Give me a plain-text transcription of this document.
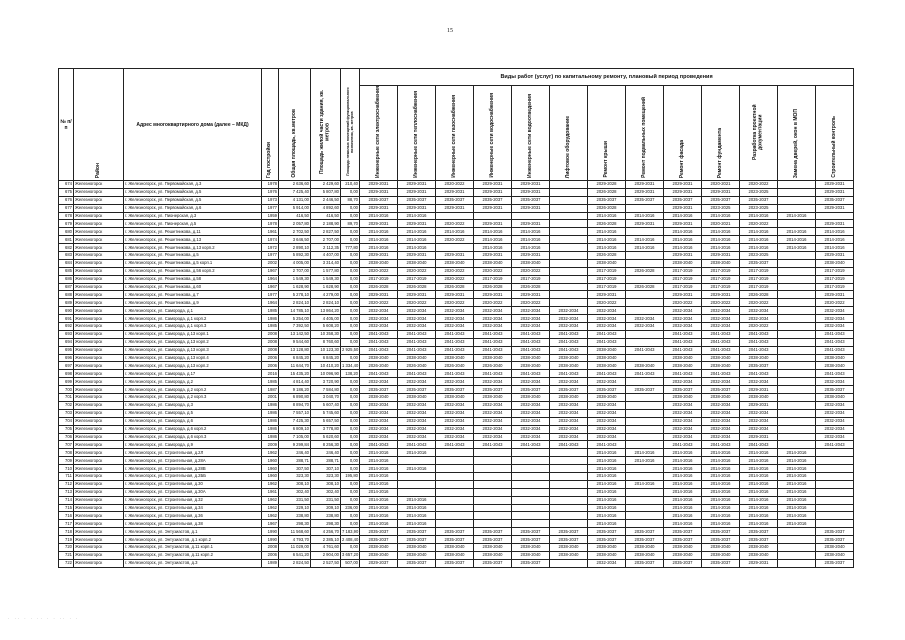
15
№ п/п	Район	Адрес многоквартирного дома (далее – МКД)	Год постройки	Общая площадь, кв.метров	Площадь жилой части здания, кв. метров	Площадь нежилых помещений функционального назначения, кв. метров	Виды работ (услуг) по капитальному ремонту, плановый период проведения												
							Инженерные сети электроснабжения	Инженерные сети теплоснабжения	Инженерные сети газоснабжения	Инженерные сети водоснабжения	Инженерные сети водоотведения	Лифтовое оборудование	Ремонт крыши	Ремонт подвальных помещений	Ремонт фасада	Ремонт фундамента	Разработка проектной документации	Замена дверей, окон в МОП	Строительный контроль
674	Железногорск	г. Железногорск, ул. Первомайская, д.3	1978	2 636,60	2 429,60	210,40	2029-2031	2029-2031	2020-2022	2029-2031	2029-2031		2029-2028	2029-2031	2029-2031	2020-2021	2020-2022		2029-2031
675	Железногорск	г. Железногорск, ул. Первомайская, д.5	1976	7 425,40	5 807,80	0,00	2029-2031	2029-2031	2029-2031	2029-2031	2029-2031		2026-2028	2029-2031	2029-2031	2029-2031	2023-2025		2029-2031
676	Железногорск	г. Железногорск, ул. Первомайская, д.5	1973	4 131,00	2 446,50	88,70	2035-2037	2035-2037	2035-2037	2035-2037	2035-2037		2035-2037	2035-2037	2035-2037	2035-2037	2035-2037		2035-2037
677	Железногорск	г. Железногорск, ул. Первомайская, д.6	1977	5 914,00	4 892,60	0,00	2029-2031	2029-2031	2029-2031	2029-2031	2029-2031		2026-2028		2029-2031	2023-2025	2023-2025		2029-2031
678	Железногорск	г. Железногорск, ул. Пионерская, д.3	1959	416,50	416,50	0,00	2014-2016	2014-2016					2014-2016	2014-2016	2014-2016	2014-2016	2014-2016	2014-2016	
679	Железногорск	г. Железногорск, ул. Пионерская, д.5	1978	2 057,80	2 188,90	89,70	2029-2031	2029-2031	2020-2022	2029-2031	2029-2031		2026-2028	2029-2031	2029-2031	2020-2021	2020-2022		2029-2031
680	Железногорск	г. Железногорск, ул. Решетникова, д.11	1961	2 702,50	2 827,50	0,00	2014-2016	2014-2016	2014-2016	2014-2016	2014-2016		2014-2016		2014-2016	2014-2016	2014-2016	2014-2016	2014-2016
681	Железногорск	г. Железногорск, ул. Решетникова, д.13	1974	3 646,50	2 707,00	0,00	2014-2016	2014-2016	2020-2022	2014-2016	2014-2016		2014-2016	2014-2016	2014-2016	2014-2016	2014-2016	2014-2016	2014-2016
682	Железногорск	г. Железногорск, ул. Решетникова, д.13 корп.2	1972	2 890,10	2 112,35	777,80	2014-2016	2014-2016		2014-2016	2014-2016		2014-2016	2014-2016	2014-2016	2014-2016	2014-2016	2014-2016	2014-2016
683	Железногорск	г. Железногорск, ул. Решетникова, д.5	1977	5 892,30	4 407,00	0,00	2029-2031	2029-2031	2029-2031	2029-2031	2029-2031		2026-2028		2029-2031	2029-2031	2023-2025		2029-2031
684	Железногорск	г. Железногорск, ул. Решетникова, д.5 корп.1	2002	4 005,00	3 314,40	0,00	2038-2040	2038-2040	2038-2040	2038-2040	2038-2040		2038-2040		2038-2040	2038-2040	2035-2037		2038-2040
685	Железногорск	г. Железногорск, ул. Решетникова, д.56 корп.2	1967	2 707,00	1 577,80	0,00	2020-2022	2020-2022	2020-2022	2020-2022	2020-2022		2017-2019	2026-2028	2017-2019	2017-2019	2017-2019		2017-2019
686	Железногорск	г. Железногорск, ул. Решетникова, д.58	1964	1 549,30	1 549,30	0,00	2017-2019	2017-2019	2020-2022	2017-2019	2017-2019		2017-2019		2017-2019	2017-2019	2017-2019		2017-2019
687	Железногорск	г. Железногорск, ул. Решетникова, д.60	1967	1 628,90	1 628,90	0,00	2026-2028	2026-2028	2026-2028	2026-2028	2026-2028		2017-2019	2026-2028	2017-2019	2017-2019	2017-2019		2017-2019
688	Железногорск	г. Железногорск, ул. Решетникова, д.7	1977	5 278,10	4 279,00	0,00	2029-2031	2029-2031	2029-2031	2029-2031	2029-2031		2029-2031		2029-2031	2029-2031	2026-2028		2029-2031
689	Железногорск	г. Железногорск, ул. Решетникова, д.9	1964	2 824,10	2 824,10	0,00	2020-2022	2020-2022	2020-2022	2020-2022	2020-2022		2020-2022		2020-2022	2020-2022	2020-2022		2020-2022
690	Железногорск	г. Железногорск, ул. Саморода, д.1	1985	14 785,10	13 864,20	0,00	2032-2034	2032-2034	2032-2034	2032-2034	2032-2034	2032-2034	2032-2034		2032-2034	2032-2034	2032-2034		2032-2034
691	Железногорск	г. Железногорск, ул. Саморода, д.1 корп.2	1986	5 254,00	4 405,00	0,00	2032-2034	2032-2034	2032-2034	2032-2034	2032-2034	2032-2034	2032-2034	2032-2034	2032-2034	2032-2034	2032-2034		2032-2034
692	Железногорск	г. Железногорск, ул. Саморода, д.1 корп.3	1985	7 392,50	5 608,20	0,00	2032-2034	2032-2034	2032-2034	2032-2034	2032-2034	2032-2034	2032-2034	2032-2034	2032-2034	2032-2034	2020-2022		2032-2034
693	Железногорск	г. Железногорск, ул. Саморода, д.13 корп.1	2008	13 142,50	10 358,30	0,00	2041-2043	2041-2043	2041-2043	2041-2043	2041-2043	2041-2043	2041-2043		2041-2043	2041-2043	2041-2043		2041-2043
694	Железногорск	г. Железногорск, ул. Саморода, д.13 корп.2	2008	9 544,60	8 760,60	0,00	2041-2043	2041-2043	2041-2043	2041-2043	2041-2043	2041-2043	2041-2043		2041-2043	2041-2043	2041-2043		2041-2043
695	Железногорск	г. Железногорск, ул. Саморода, д.13 корп.3	2008	13 128,80	10 123,30	2 925,50	2041-2043	2041-2043	2041-2043	2041-2043	2041-2043	2041-2043	2038-2040	2041-2043	2041-2043	2041-2043	2041-2043		2041-2043
696	Железногорск	г. Железногорск, ул. Саморода, д.13 корп.4	2006	6 845,20	6 845,20	0,00	2038-2040	2038-2040	2038-2040	2038-2040	2038-2040	2038-2040	2038-2040		2038-2040	2038-2040	2038-2040		2038-2040
697	Железногорск	г. Железногорск, ул. Саморода, д.13 корп.2	2006	11 644,70	10 410,20	1 334,40	2026-2040	2026-2040	2026-2040	2026-2040	2038-2040	2038-2040	2038-2040	2038-2040	2038-2040	2038-2040	2035-2037		2038-2040
698	Железногорск	г. Железногорск, ул. Саморода, д.17	2016	15 435,20	10 096,90	138,20	2041-2043	2041-2043	2041-2043	2041-2043	2041-2043	2041-2043	2041-2043	2041-2043	2041-2043	2041-2043	2041-2043		2041-2043
699	Железногорск	г. Железногорск, ул. Саморода, д.2	1985	4 814,40	3 720,90	0,00	2032-2034	2032-2034	2032-2034	2032-2034	2032-2034	2032-2034	2032-2034		2032-2034	2032-2034	2032-2034		2032-2034
700	Железногорск	г. Железногорск, ул. Саморода, д.2 корп.2	1987	9 186,20	7 584,80	0,00	2035-2037	2035-2037	2035-2037	2035-2037	2035-2037	2035-2037	2035-2037	2035-2037	2035-2037	2035-2037	2029-2031		2035-2037
701	Железногорск	г. Железногорск, ул. Саморода, д.2 корп.3	2001	6 890,80	3 040,70	0,00	2038-2040	2038-2040	2038-2040	2038-2040	2038-2040	2038-2040	2038-2040		2038-2040	2038-2040	2038-2040		2038-2040
702	Железногорск	г. Железногорск, ул. Саморода, д.3	1986	8 894,70	5 607,40	0,00	2032-2034	2032-2034	2032-2034	2032-2034	2032-2034	2032-2034	2032-2034		2032-2034	2032-2034	2029-2031		2032-2034
703	Железногорск	г. Железногорск, ул. Саморода, д.5	1986	7 557,10	5 745,60	0,00	2032-2034	2032-2034	2032-2034	2032-2034	2032-2034	2032-2034	2032-2034		2032-2034	2032-2034	2032-2034		2032-2034
704	Железногорск	г. Железногорск, ул. Саморода, д.6	1986	7 425,30	5 657,50	0,00	2032-2034	2032-2034	2032-2034	2032-2034	2032-2034	2032-2034	2032-2034		2032-2034	2032-2034	2032-2034		2032-2034
705	Железногорск	г. Железногорск, ул. Саморода, д.6 корп.2	1986	6 809,10	3 778,80	0,00	2032-2034	2032-2034	2032-2034	2032-2034	2032-2034	2032-2034	2032-2034		2032-2034	2032-2034	2032-2034		2032-2034
706	Железногорск	г. Железногорск, ул. Саморода, д.6 корп.3	1986	7 105,00	5 620,60	0,00	2032-2034	2032-2034	2032-2034	2032-2034	2032-2034	2032-2034	2032-2034		2032-2034	2032-2034	2029-2031		2032-2034
707	Железногорск	г. Железногорск, ул. Саморода, д.9	2009	9 299,84	8 256,30	0,00	2041-2043	2041-2043	2041-2043	2041-2043	2041-2043	2041-2043	2041-2043		2041-2043	2041-2043	2041-2043		2041-2043
708	Железногорск	г. Железногорск, ул. Строительная, д.2Л	1962	246,40	246,40	0,00	2014-2016	2014-2016					2014-2016	2014-2016	2014-2016	2014-2016	2014-2016	2014-2016	
709	Железногорск	г. Железногорск, ул. Строительная, д.28А	1960	288,71	288,71	0,00	2014-2016						2014-2016	2014-2016	2014-2016	2014-2016	2014-2016	2014-2016	
710	Железногорск	г. Железногорск, ул. Строительная, д.28В	1960	307,50	307,10	0,00	2014-2016	2014-2016					2014-2016		2014-2016	2014-2016	2014-2016	2014-2016	
711	Железногорск	г. Железногорск, ул. Строительная, д.2ББ	1960	323,30	323,30	195,80	2014-2016						2014-2016		2014-2016	2014-2016	2014-2016	2014-2016	
712	Железногорск	г. Железногорск, ул. Строительная, д.30	1962	308,10	308,10	0,00	2014-2016						2014-2016	2014-2016	2014-2016	2014-2016	2014-2016	2014-2016	
713	Железногорск	г. Железногорск, ул. Строительная, д.30А	1961	302,40	302,40	0,00	2014-2016						2014-2016		2014-2016	2014-2016	2014-2016	2014-2016	
714	Железногорск	г. Железногорск, ул. Строительная, д.32	1962	231,50	231,50	0,00	2014-2016	2014-2016					2014-2016		2014-2016	2014-2016	2014-2016	2014-2016	
715	Железногорск	г. Железногорск, ул. Строительная, д.34	1962	229,10	209,10	236,00	2014-2016	2014-2016					2014-2016		2014-2016	2014-2016	2014-2016	2014-2016	
716	Железногорск	г. Железногорск, ул. Строительная, д.36	1962	238,80	238,80	0,00	2014-2016	2014-2016					2014-2016		2014-2016	2014-2016	2014-2016	2014-2016	
717	Железногорск	г. Железногорск, ул. Строительная, д.38	1967	298,30	298,30	0,00	2014-2016	2014-2016					2014-2016		2014-2016	2014-2016	2014-2016	2014-2016	
718	Железногорск	г. Железногорск, ул. Энтузиастов, д.1	1990	11 568,60	4 256,70	7 183,90	2035-2037	2035-2037	2035-2037	2035-2037	2035-2037	2035-2037	2035-2037	2035-2037	2035-2037	2035-2037	2035-2037		2035-2037
719	Железногорск	г. Железногорск, ул. Энтузиастов, д.1 корп.2	1990	4 793,70	2 385,10	2 408,40	2035-2037	2035-2037	2035-2037	2035-2037	2035-2037	2035-2037	2035-2037	2035-2037	2035-2037	2035-2037	2035-2037		2035-2037
720	Железногорск	г. Железногорск, ул. Энтузиастов, д.11 корп.1	2008	11 029,00	4 761,60	0,00	2038-2040	2038-2040	2038-2040	2038-2040	2038-2040	2038-2040	2038-2040	2038-2040	2038-2040	2038-2040	2038-2040		2038-2040
721	Железногорск	г. Железногорск, ул. Энтузиастов, д.11 корп.2	2006	6 541,20	2 904,00	3 657,20	2038-2040	2038-2040	2038-2040	2038-2040	2038-2040	2038-2040	2038-2040	2038-2040	2038-2040	2038-2040	2038-2040		2038-2040
722	Железногорск	г. Железногорск, ул. Энтузиастов, д.3	1989	2 824,50	2 527,50	507,00	2029-2037	2035-2037	2035-2037	2035-2037	2035-2037		2032-2034	2035-2037	2035-2037	2035-2037	2029-2031		2035-2037
· ·· · · ·· · · ·· · ·
